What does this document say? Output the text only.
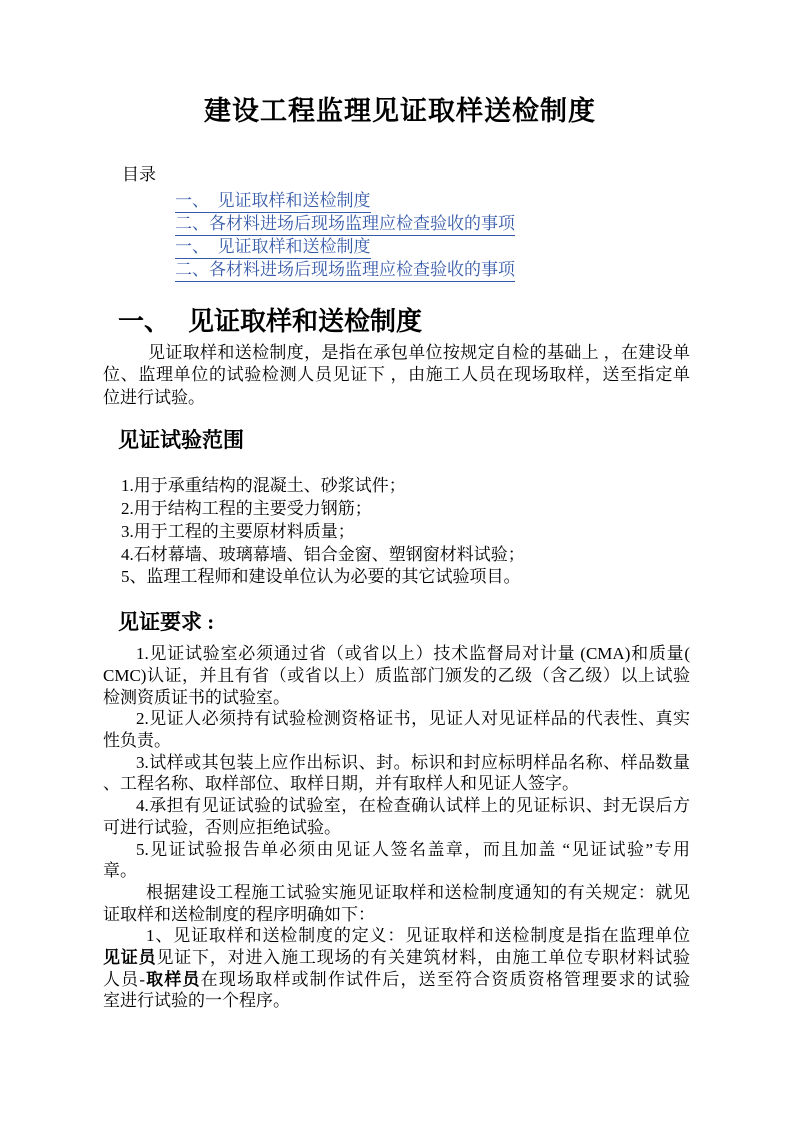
建设工程监理见证取样送检制度
目录
一、　见证取样和送检制度
二、各材料进场后现场监理应检查验收的事项
一、　见证取样和送检制度
二、各材料进场后现场监理应检查验收的事项
一、 见证取样和送检制度
见证取样和送检制度，是指在承包单位按规定自检的基础上 ，在建设单
位、监理单位的试验检测人员见证下 ，由施工人员在现场取样，送至指定单
位进行试验。
见证试验范围
1.用于承重结构的混凝土、砂浆试件；
2.用于结构工程的主要受力钢筋；
3.用于工程的主要原材料质量；
4.石材幕墙、玻璃幕墙、铝合金窗、塑钢窗材料试验；
5、监理工程师和建设单位认为必要的其它试验项目。
见证要求 :
1.见证试验室必须通过省（或省以上）技术监督局对计量 (CMA)和质量(
CMC)认证，并且有省（或省以上）质监部门颁发的乙级（含乙级）以上试验
检测资质证书的试验室。
2.见证人必须持有试验检测资格证书，见证人对见证样品的代表性、真实
性负责。
3.试样或其包装上应作出标识、封。标识和封应标明样品名称、样品数量
、工程名称、取样部位、取样日期，并有取样人和见证人签字。
4.承担有见证试验的试验室，在检查确认试样上的见证标识、封无误后方
可进行试验，否则应拒绝试验。
5.见证试验报告单必须由见证人签名盖章，而且加盖 “见证试验”专用
章。
根据建设工程施工试验实施见证取样和送检制度通知的有关规定：就见
证取样和送检制度的程序明确如下：
1、见证取样和送检制度的定义：见证取样和送检制度是指在监理单位
见证员见证下，对进入施工现场的有关建筑材料，由施工单位专职材料试验
人员-取样员在现场取样或制作试件后，送至符合资质资格管理要求的试验
室进行试验的一个程序。
